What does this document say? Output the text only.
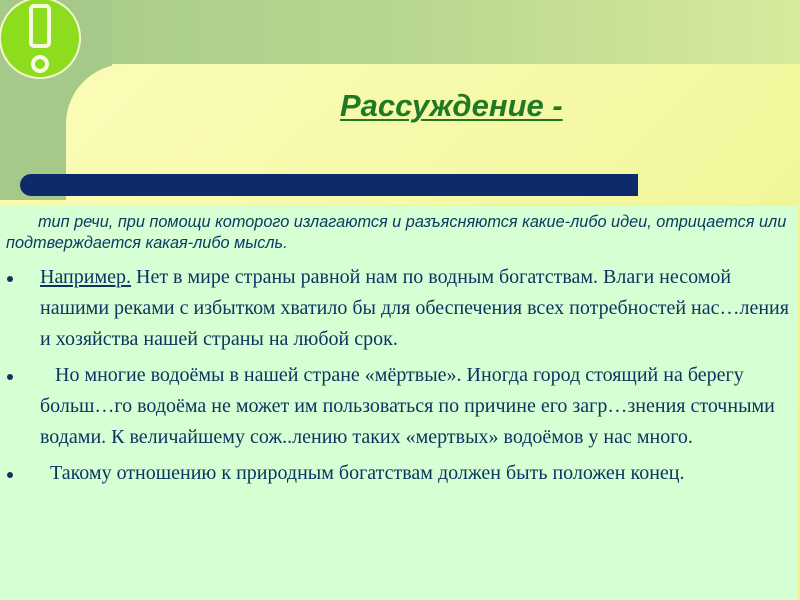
Рассуждение -

тип речи, при помощи которого излагаются и разъясняются какие-либо идеи, отрицается или подтверждается какая-либо мысль.

Например. Нет в мире страны равной нам по водным богатствам. Влаги несомой нашими реками с избытком хватило бы для обеспечения всех потребностей нас…ления и хозяйства нашей страны на любой срок.
Но многие водоёмы в нашей стране «мёртвые». Иногда город стоящий на берегу больш…го водоёма не может им пользоваться по причине его загр…знения сточными водами. К величайшему сож..лению таких «мертвых» водоёмов у нас много.
Такому отношению к природным богатствам должен быть положен конец.
